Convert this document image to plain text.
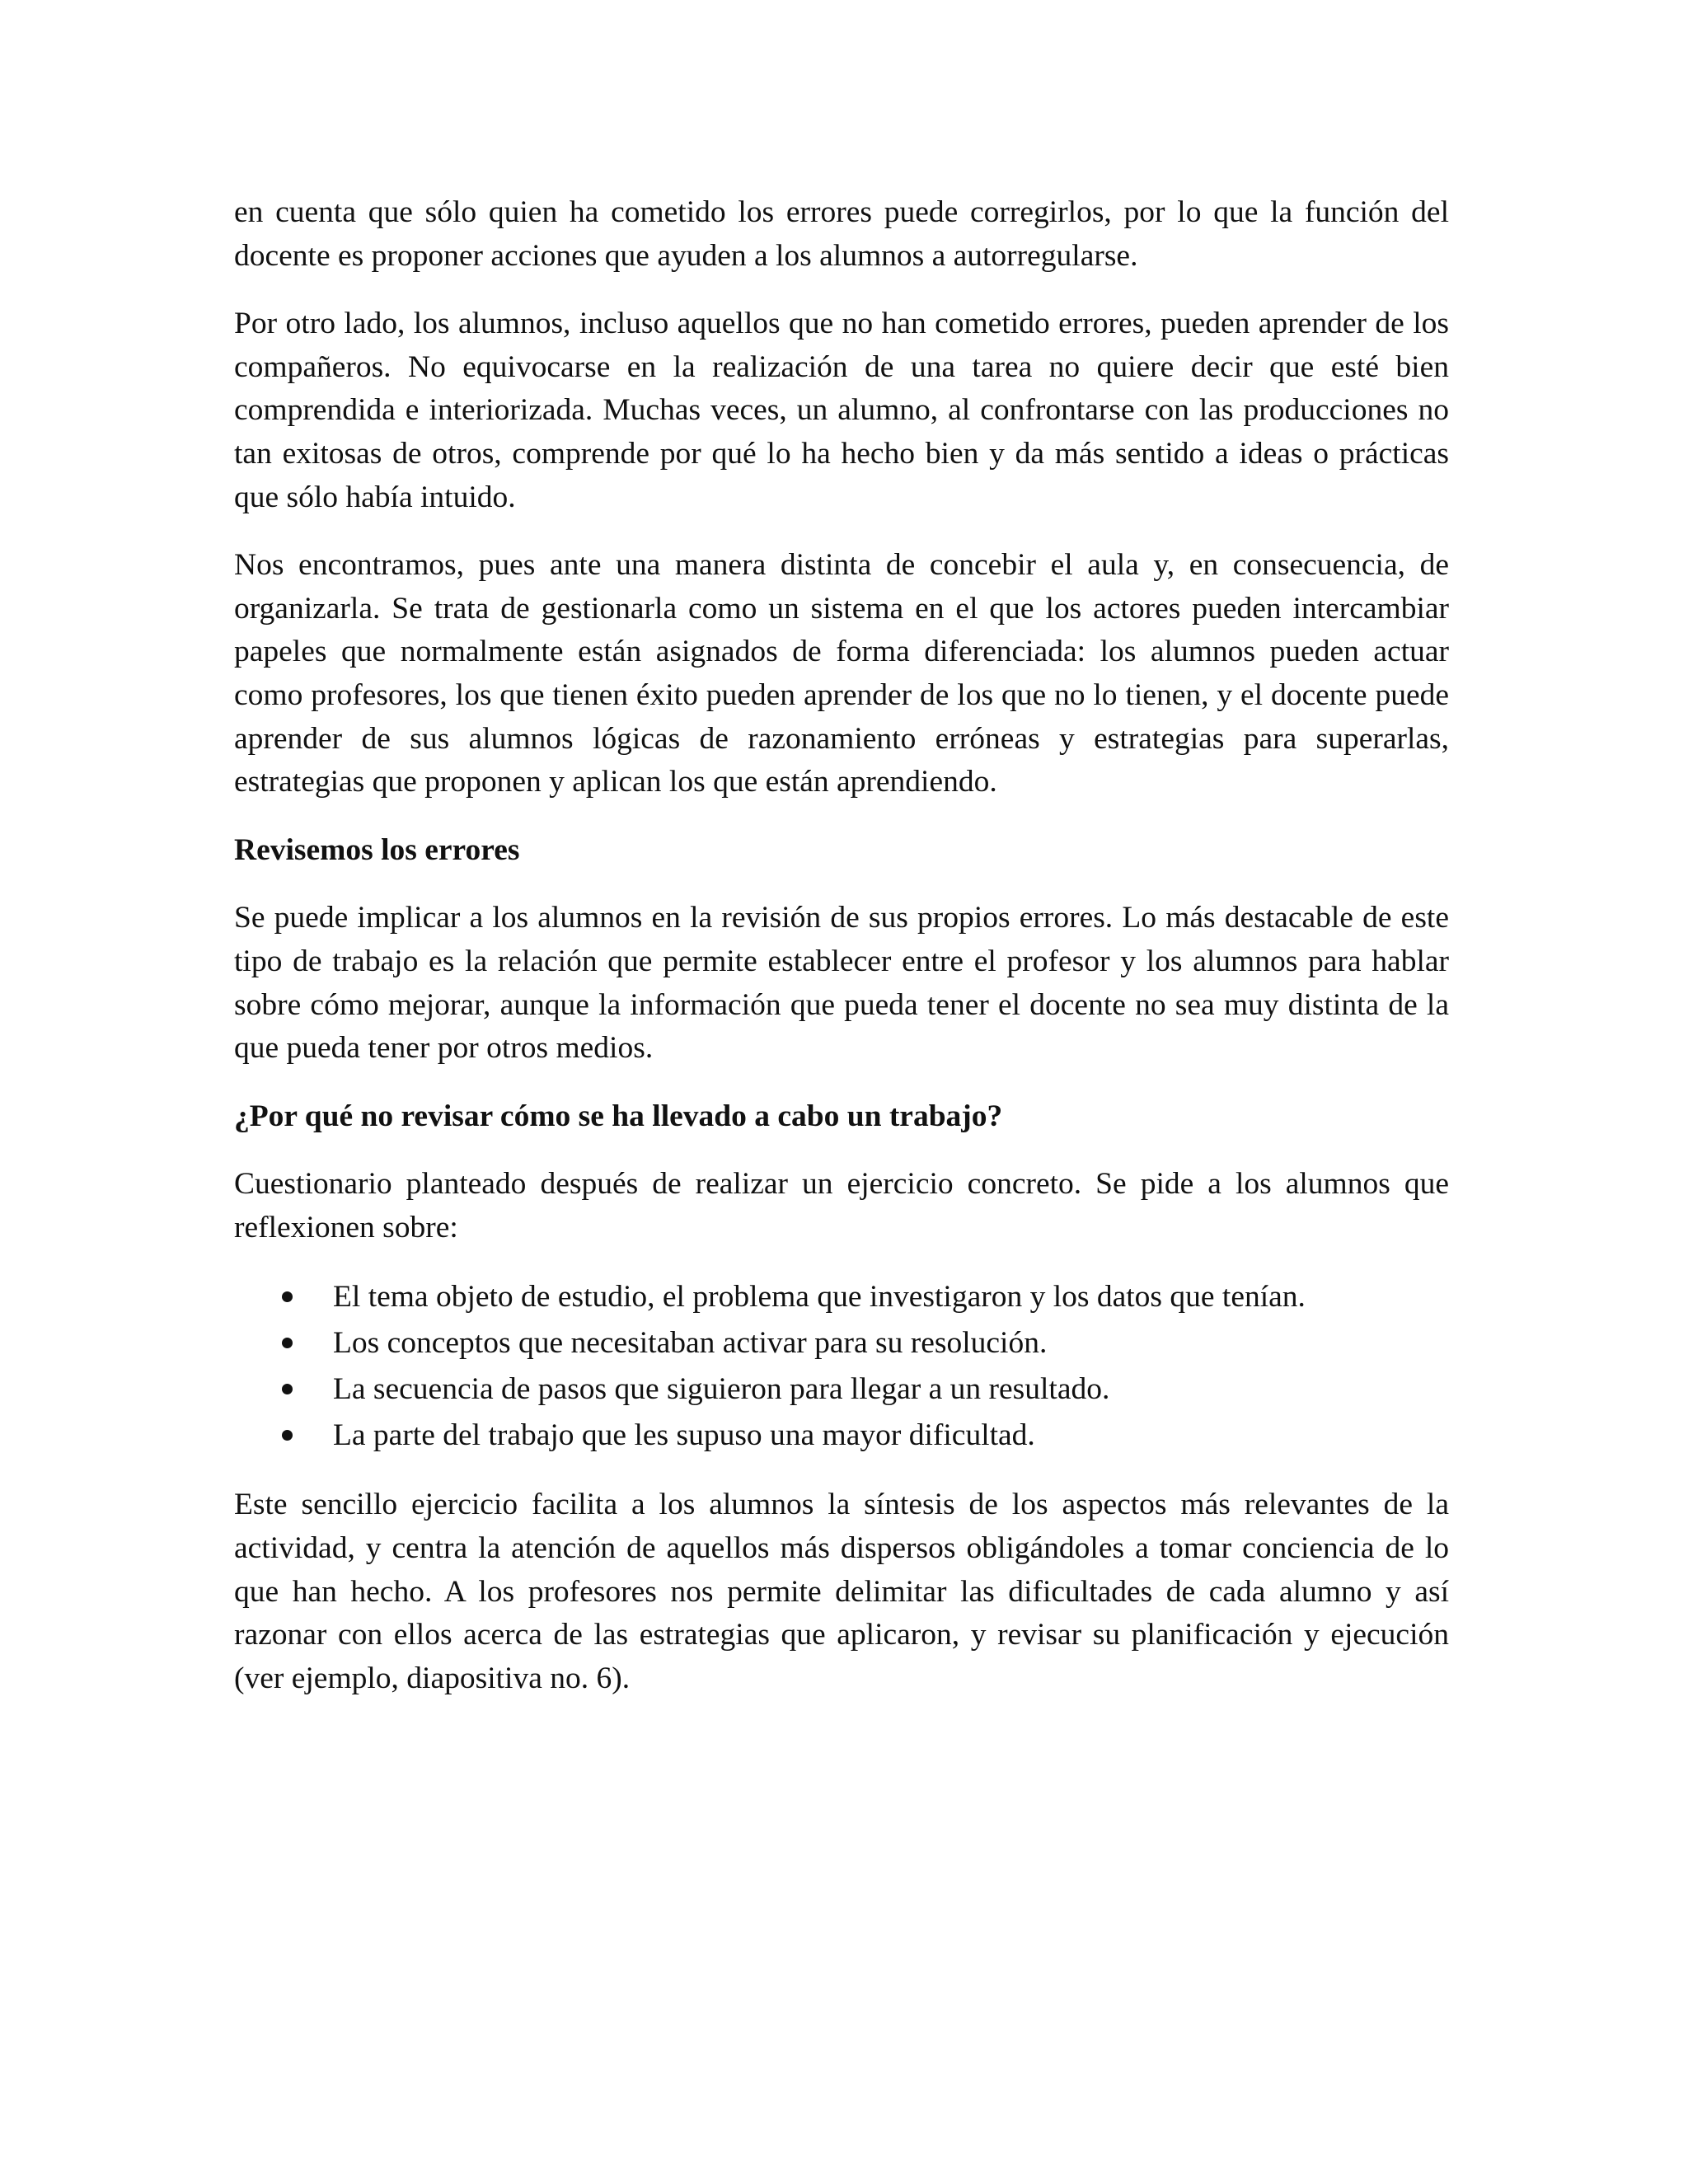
en cuenta que sólo quien ha cometido los errores puede corregirlos, por lo que la función del docente es proponer acciones que ayuden a los alumnos a autorregularse.

Por otro lado, los alumnos, incluso aquellos que no han cometido errores, pueden aprender de los compañeros. No equivocarse en la realización de una tarea no quiere decir que esté bien comprendida e interiorizada. Muchas veces, un alumno, al confrontarse con las producciones no tan exitosas de otros, comprende por qué lo ha hecho bien y da más sentido a ideas o prácticas que sólo había intuido.

Nos encontramos, pues ante una manera distinta de concebir el aula y, en consecuencia, de organizarla. Se trata de gestionarla como un sistema en el que los actores pueden intercambiar papeles que normalmente están asignados de forma diferenciada: los alumnos pueden actuar como profesores, los que tienen éxito pueden aprender de los que no lo tienen, y el docente puede aprender de sus alumnos lógicas de razonamiento erróneas y estrategias para superarlas, estrategias que proponen y aplican los que están aprendiendo.

Revisemos los errores

Se puede implicar a los alumnos en la revisión de sus propios errores. Lo más destacable de este tipo de trabajo es la relación que permite establecer entre el profesor y los alumnos para hablar sobre cómo mejorar, aunque la información que pueda tener el docente no sea muy distinta de la que pueda tener por otros medios.

¿Por qué no revisar cómo se ha llevado a cabo un trabajo?

Cuestionario planteado después de realizar un ejercicio concreto. Se pide a los alumnos que reflexionen sobre:

El tema objeto de estudio, el problema que investigaron y los datos que tenían.
Los conceptos que necesitaban activar para su resolución.
La secuencia de pasos que siguieron para llegar a un resultado.
La parte del trabajo que les supuso una mayor dificultad.

Este sencillo ejercicio facilita a los alumnos la síntesis de los aspectos más relevantes de la actividad, y centra la atención de aquellos más dispersos obligándoles a tomar conciencia de lo que han hecho. A los profesores nos permite delimitar las dificultades de cada alumno y así razonar con ellos acerca de las estrategias que aplicaron, y revisar su planificación y ejecución (ver ejemplo, diapositiva no. 6).
